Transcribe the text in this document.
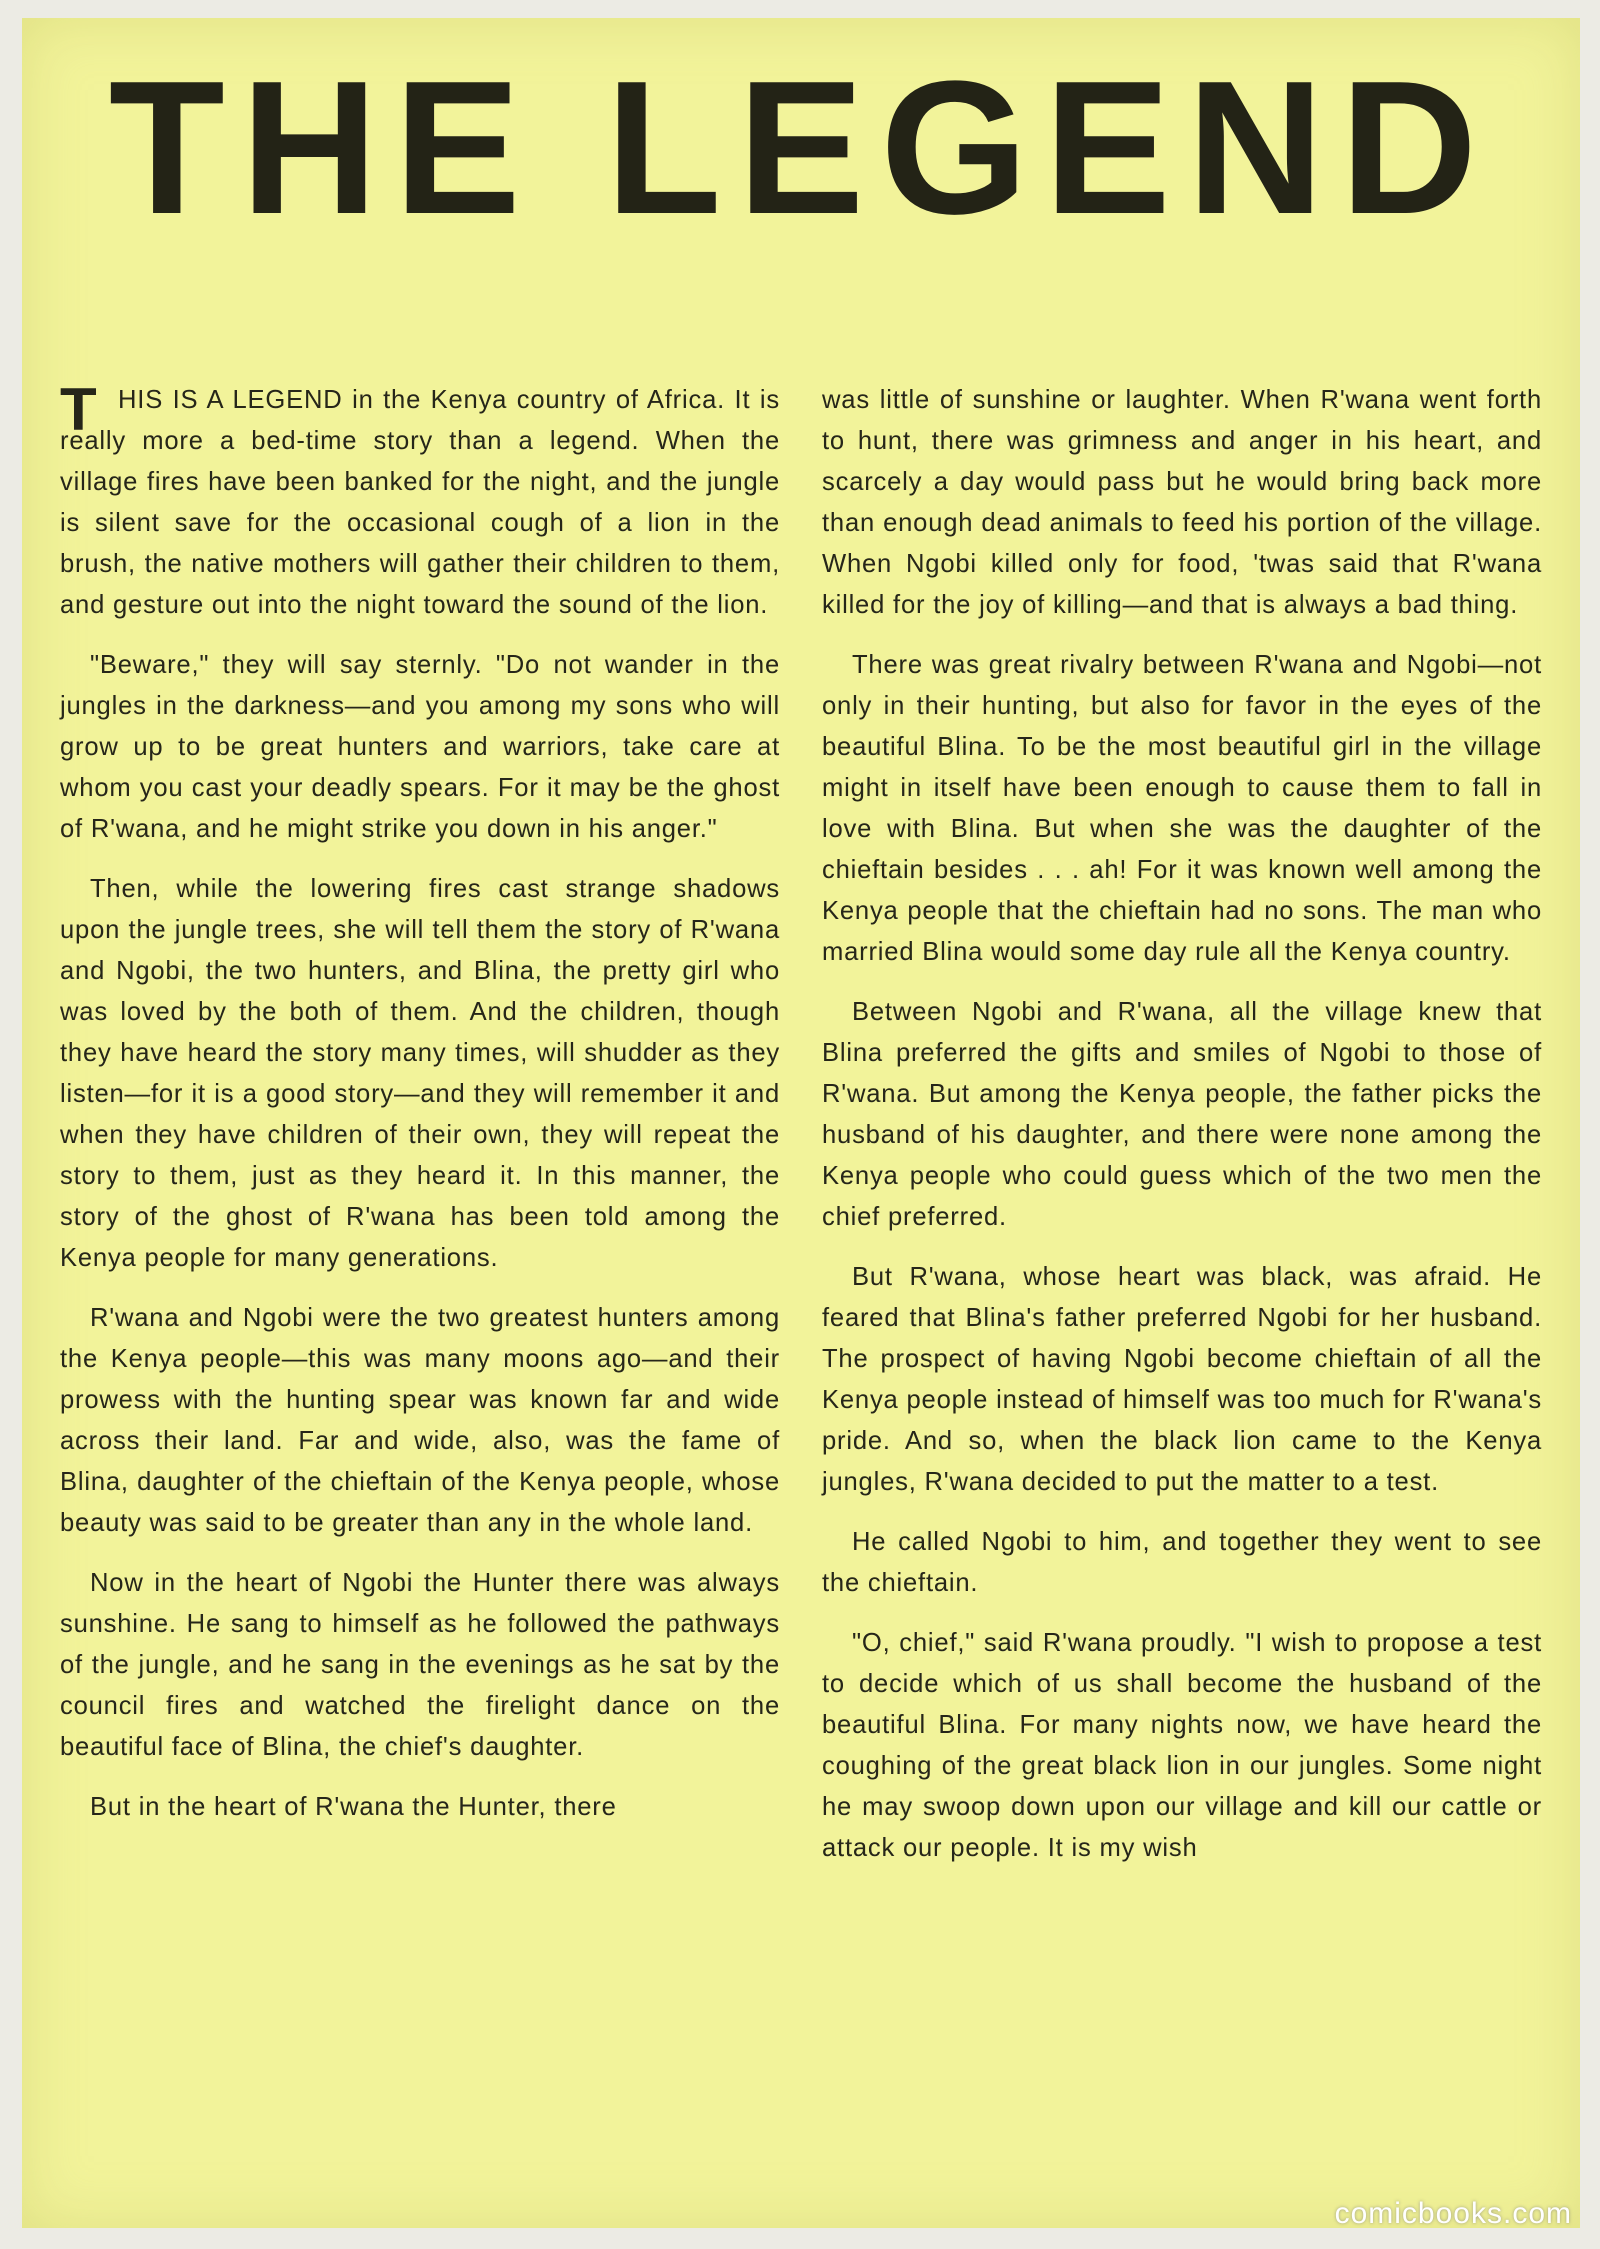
THE LEGEND
T HIS IS A LEGEND in the Kenya country of Africa. It is really more a bed-time story than a legend. When the village fires have been banked for the night, and the jungle is silent save for the occasional cough of a lion in the brush, the native mothers will gather their children to them, and gesture out into the night toward the sound of the lion.

"Beware," they will say sternly. "Do not wander in the jungles in the darkness—and you among my sons who will grow up to be great hunters and warriors, take care at whom you cast your deadly spears. For it may be the ghost of R'wana, and he might strike you down in his anger."

Then, while the lowering fires cast strange shadows upon the jungle trees, she will tell them the story of R'wana and Ngobi, the two hunters, and Blina, the pretty girl who was loved by the both of them. And the children, though they have heard the story many times, will shudder as they listen—for it is a good story—and they will remember it and when they have children of their own, they will repeat the story to them, just as they heard it. In this manner, the story of the ghost of R'wana has been told among the Kenya people for many generations.

R'wana and Ngobi were the two greatest hunters among the Kenya people—this was many moons ago—and their prowess with the hunting spear was known far and wide across their land. Far and wide, also, was the fame of Blina, daughter of the chieftain of the Kenya people, whose beauty was said to be greater than any in the whole land.

Now in the heart of Ngobi the Hunter there was always sunshine. He sang to himself as he followed the pathways of the jungle, and he sang in the evenings as he sat by the council fires and watched the firelight dance on the beautiful face of Blina, the chief's daughter.

But in the heart of R'wana the Hunter, there

was little of sunshine or laughter. When R'wana went forth to hunt, there was grimness and anger in his heart, and scarcely a day would pass but he would bring back more than enough dead animals to feed his portion of the village. When Ngobi killed only for food, 'twas said that R'wana killed for the joy of killing—and that is always a bad thing.

There was great rivalry between R'wana and Ngobi—not only in their hunting, but also for favor in the eyes of the beautiful Blina. To be the most beautiful girl in the village might in itself have been enough to cause them to fall in love with Blina. But when she was the daughter of the chieftain besides . . . ah! For it was known well among the Kenya people that the chieftain had no sons. The man who married Blina would some day rule all the Kenya country.

Between Ngobi and R'wana, all the village knew that Blina preferred the gifts and smiles of Ngobi to those of R'wana. But among the Kenya people, the father picks the husband of his daughter, and there were none among the Kenya people who could guess which of the two men the chief preferred.

But R'wana, whose heart was black, was afraid. He feared that Blina's father preferred Ngobi for her husband. The prospect of having Ngobi become chieftain of all the Kenya people instead of himself was too much for R'wana's pride. And so, when the black lion came to the Kenya jungles, R'wana decided to put the matter to a test.

He called Ngobi to him, and together they went to see the chieftain.

"O, chief," said R'wana proudly. "I wish to propose a test to decide which of us shall become the husband of the beautiful Blina. For many nights now, we have heard the coughing of the great black lion in our jungles. Some night he may swoop down upon our village and kill our cattle or attack our people. It is my wish

comicbooks.com
